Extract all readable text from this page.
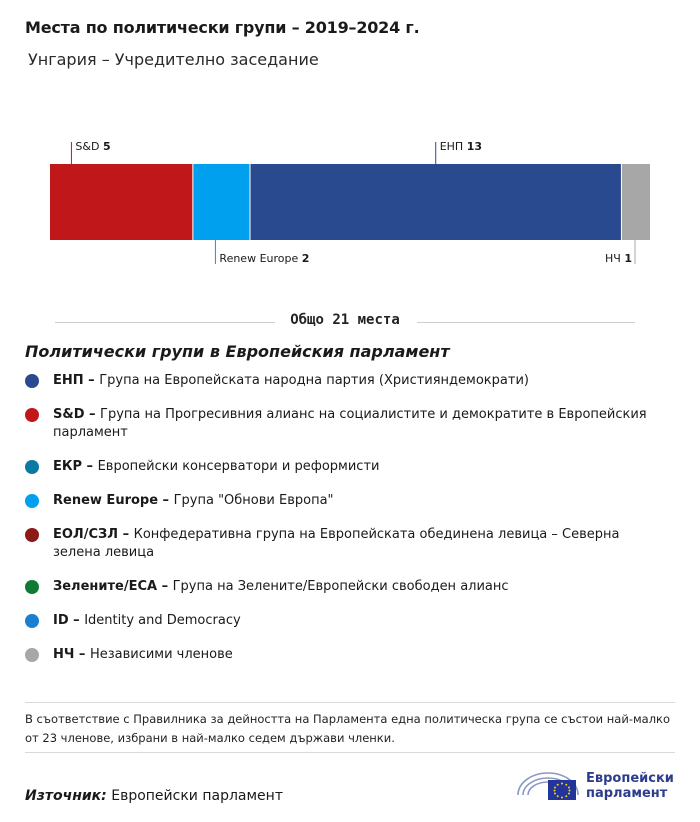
Места по политически групи – 2019–2024 г.
Унгария – Учредително заседание
S&D 5
Renew Europe 2
ЕНП 13
НЧ 1
Общо 21 места
Политически групи в Европейския парламент
ЕНП – Група на Европейската народна партия (Християндемократи)
S&D – Група на Прогресивния алианс на социалистите и демократите в Европейския парламент
ЕКР – Европейски консерватори и реформисти
Renew Europe – Група "Обнови Европа"
ЕОЛ/СЗЛ – Конфедеративна група на Европейската обединена левица – Северна зелена левица
Зелените/ЕСА – Група на Зелените/Европейски свободен алианс
ID – Identity and Democracy
НЧ – Независими членове
В съответствие с Правилника за дейността на Парламента една политическа група се състои най-малко от 23 членове, избрани в най-малко седем държави членки.
Източник: Европейски парламент
Европейски
парламент
